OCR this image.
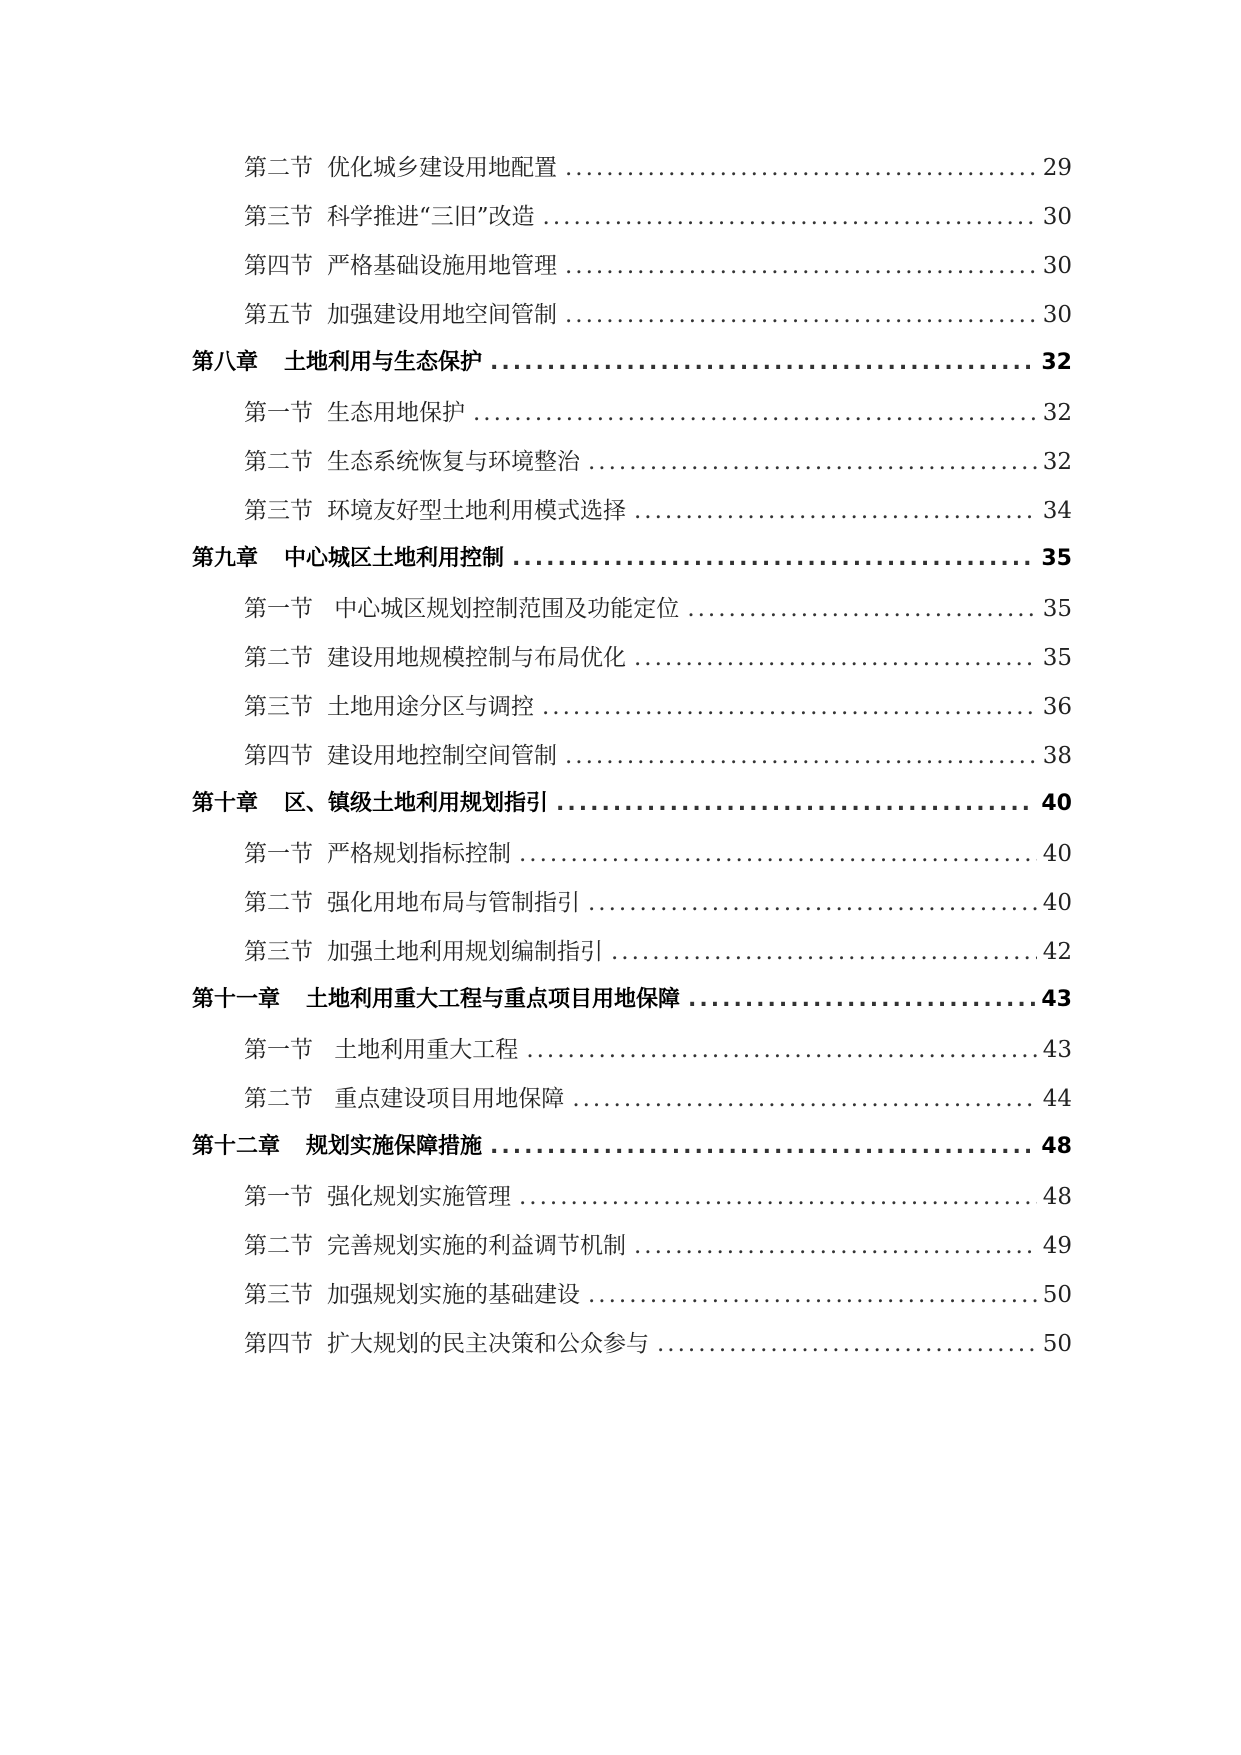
第二节 优化城乡建设用地配置 .....	29
第三节 科学推进“三旧”改造 .....	30
第四节 严格基础设施用地管理 .....	30
第五节 加强建设用地空间管制 .....	30
第八章 土地利用与生态保护 .....	32
第一节 生态用地保护 .....	32
第二节 生态系统恢复与环境整治 .....	32
第三节 环境友好型土地利用模式选择 .....	34
第九章 中心城区土地利用控制 .....	35
第一节 中心城区规划控制范围及功能定位 .....	35
第二节 建设用地规模控制与布局优化 .....	35
第三节 土地用途分区与调控 .....	36
第四节 建设用地控制空间管制 .....	38
第十章 区、镇级土地利用规划指引 .....	40
第一节 严格规划指标控制 .....	40
第二节 强化用地布局与管制指引 .....	40
第三节 加强土地利用规划编制指引 .....	42
第十一章 土地利用重大工程与重点项目用地保障 .....	43
第一节 土地利用重大工程 .....	43
第二节 重点建设项目用地保障 .....	44
第十二章 规划实施保障措施 .....	48
第一节 强化规划实施管理 .....	48
第二节 完善规划实施的利益调节机制 .....	49
第三节 加强规划实施的基础建设 .....	50
第四节 扩大规划的民主决策和公众参与 .....	50
